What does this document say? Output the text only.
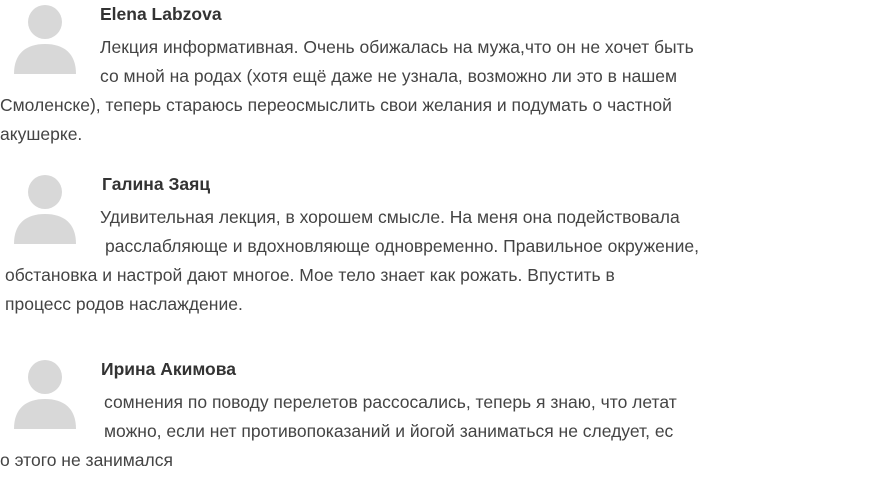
Elena Labzova
Лекция информативная. Очень обижалась на мужа,что он не хочет быть
со мной на родах (хотя ещё даже не узнала, возможно ли это в нашем
Смоленске), теперь стараюсь переосмыслить свои желания и подумать о частной
акушерке.
Галина Заяц
Удивительная лекция, в хорошем смысле. На меня она подействовала
расслабляюще и вдохновляюще одновременно. Правильное окружение,
обстановка и настрой дают многое. Мое тело знает как рожать. Впустить в
процесс родов наслаждение.
Ирина Акимова
сомнения по поводу перелетов рассосались, теперь я знаю, что летат
можно, если нет противопоказаний и йогой заниматься не следует, ес
о этого не занимался
